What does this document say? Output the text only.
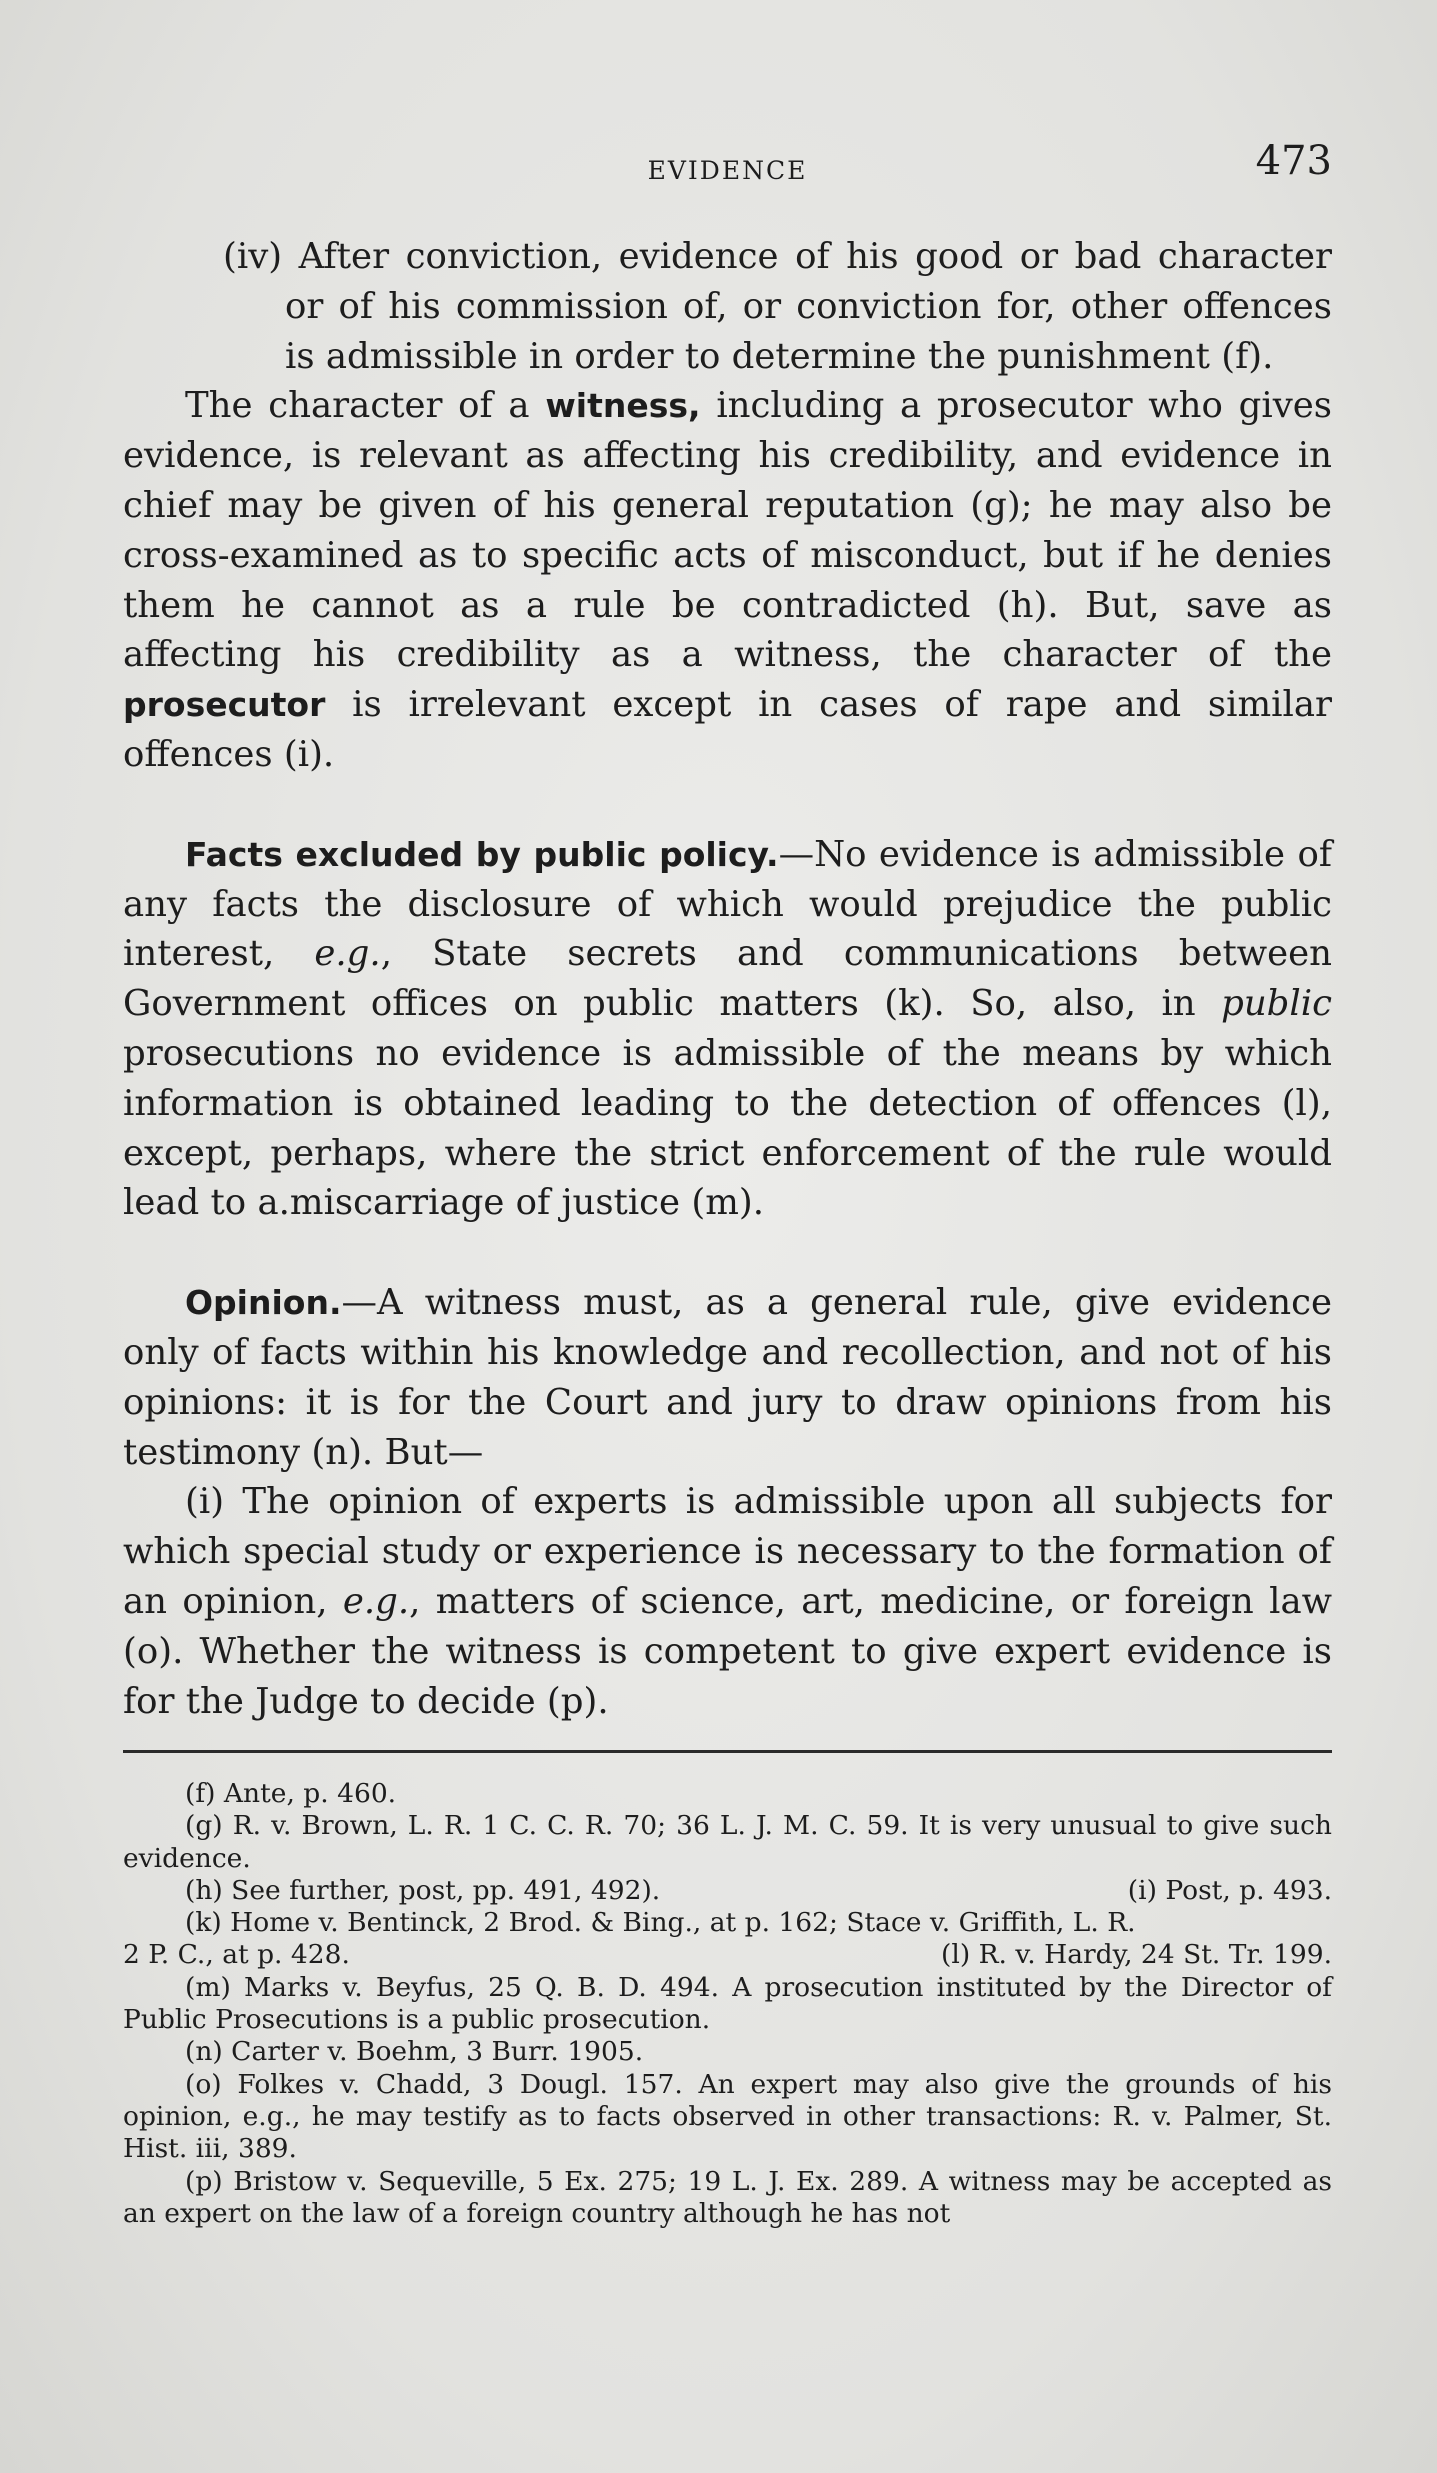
EVIDENCE	473

(iv) After conviction, evidence of his good or bad character or of his commission of, or conviction for, other offences is admissible in order to determine the punishment (f).

The character of a witness, including a prosecutor who gives evidence, is relevant as affecting his credibility, and evidence in chief may be given of his general reputation (g); he may also be cross-examined as to specific acts of misconduct, but if he denies them he cannot as a rule be contradicted (h). But, save as affecting his credibility as a witness, the character of the prosecutor is irrelevant except in cases of rape and similar offences (i).

Facts excluded by public policy.—No evidence is admissible of any facts the disclosure of which would prejudice the public interest, e.g., State secrets and communications between Government offices on public matters (k). So, also, in public prosecutions no evidence is admissible of the means by which information is obtained leading to the detection of offences (l), except, perhaps, where the strict enforcement of the rule would lead to a.miscarriage of justice (m).

Opinion.—A witness must, as a general rule, give evidence only of facts within his knowledge and recollection, and not of his opinions: it is for the Court and jury to draw opinions from his testimony (n). But—

(i) The opinion of experts is admissible upon all subjects for which special study or experience is necessary to the formation of an opinion, e.g., matters of science, art, medicine, or foreign law (o). Whether the witness is competent to give expert evidence is for the Judge to decide (p).

(f) Ante, p. 460.

(g) R. v. Brown, L. R. 1 C. C. R. 70; 36 L. J. M. C. 59. It is very unusual to give such evidence.

(h) See further, post, pp. 491, 492).	(i) Post, p. 493.

(k) Home v. Bentinck, 2 Brod. & Bing., at p. 162; Stace v. Griffith, L. R.

2 P. C., at p. 428.	(l) R. v. Hardy, 24 St. Tr. 199.

(m) Marks v. Beyfus, 25 Q. B. D. 494. A prosecution instituted by the Director of Public Prosecutions is a public prosecution.

(n) Carter v. Boehm, 3 Burr. 1905.

(o) Folkes v. Chadd, 3 Dougl. 157. An expert may also give the grounds of his opinion, e.g., he may testify as to facts observed in other transactions: R. v. Palmer, St. Hist. iii, 389.

(p) Bristow v. Sequeville, 5 Ex. 275; 19 L. J. Ex. 289. A witness may be accepted as an expert on the law of a foreign country although he has not
